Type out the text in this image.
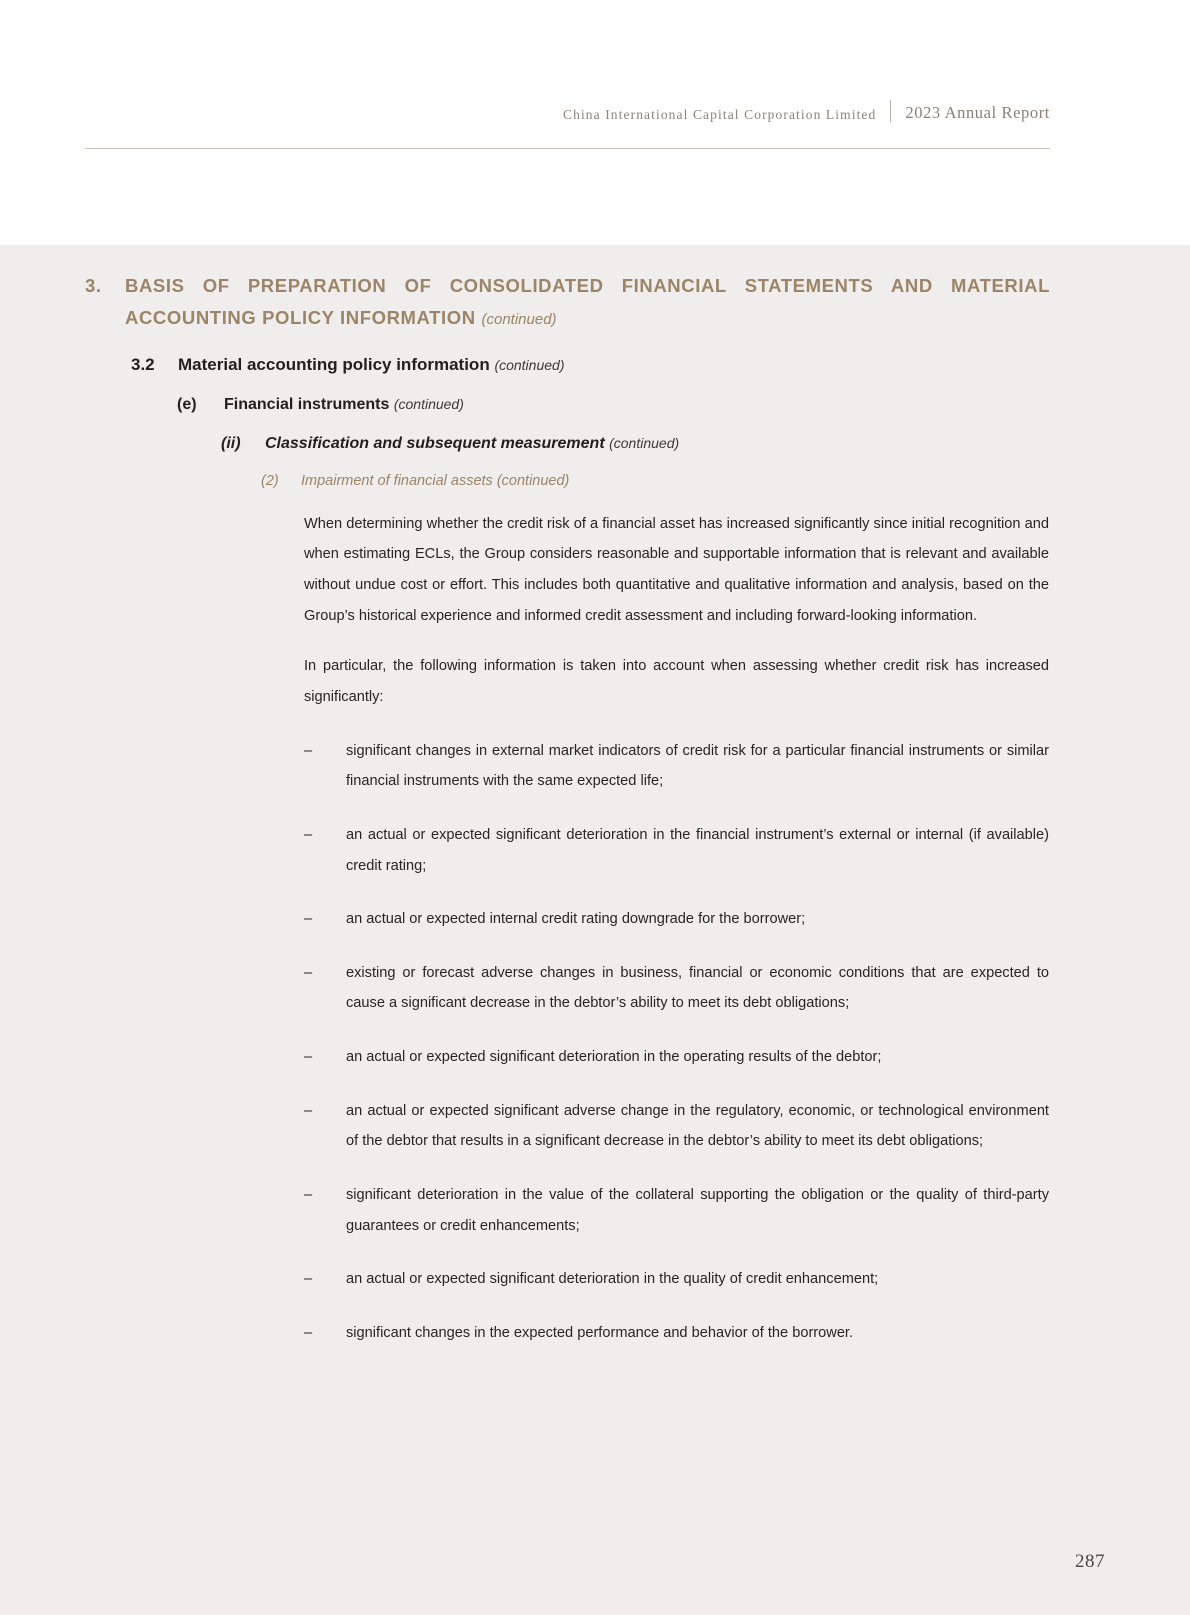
China International Capital Corporation Limited	2023 Annual Report
3.	BASIS OF PREPARATION OF CONSOLIDATED FINANCIAL STATEMENTS AND MATERIAL ACCOUNTING POLICY INFORMATION (continued)
3.2	Material accounting policy information (continued)
(e)	Financial instruments (continued)
(ii)	Classification and subsequent measurement (continued)
(2)	Impairment of financial assets (continued)
When determining whether the credit risk of a financial asset has increased significantly since initial recognition and when estimating ECLs, the Group considers reasonable and supportable information that is relevant and available without undue cost or effort. This includes both quantitative and qualitative information and analysis, based on the Group’s historical experience and informed credit assessment and including forward-looking information.
In particular, the following information is taken into account when assessing whether credit risk has increased significantly:
–	significant changes in external market indicators of credit risk for a particular financial instruments or similar financial instruments with the same expected life;
–	an actual or expected significant deterioration in the financial instrument’s external or internal (if available) credit rating;
–	an actual or expected internal credit rating downgrade for the borrower;
–	existing or forecast adverse changes in business, financial or economic conditions that are expected to cause a significant decrease in the debtor’s ability to meet its debt obligations;
–	an actual or expected significant deterioration in the operating results of the debtor;
–	an actual or expected significant adverse change in the regulatory, economic, or technological environment of the debtor that results in a significant decrease in the debtor’s ability to meet its debt obligations;
–	significant deterioration in the value of the collateral supporting the obligation or the quality of third-party guarantees or credit enhancements;
–	an actual or expected significant deterioration in the quality of credit enhancement;
–	significant changes in the expected performance and behavior of the borrower.
287
